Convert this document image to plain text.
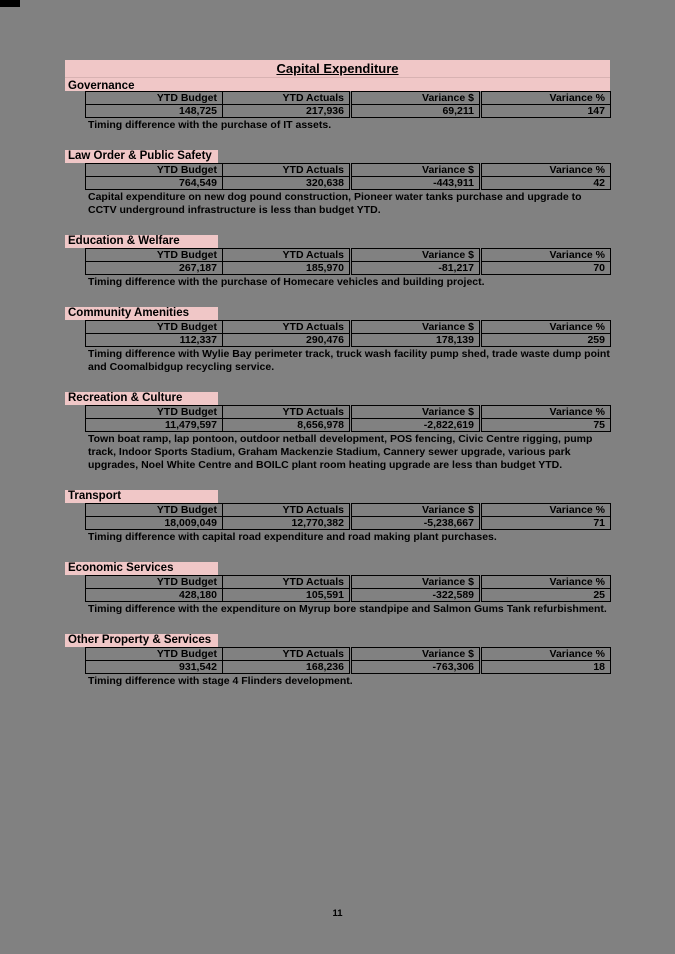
Capital Expenditure
Governance
YTD Budget	YTD Actuals	Variance $	Variance %
148,725	217,936	69,211	147
Timing difference with the purchase of IT assets.
Law Order & Public Safety
YTD Budget	YTD Actuals	Variance $	Variance %
764,549	320,638	-443,911	42
Capital expenditure on new dog pound construction, Pioneer water tanks purchase and upgrade to CCTV underground infrastructure is less than budget YTD.
Education & Welfare
YTD Budget	YTD Actuals	Variance $	Variance %
267,187	185,970	-81,217	70
Timing difference with the purchase of Homecare vehicles and building project.
Community Amenities
YTD Budget	YTD Actuals	Variance $	Variance %
112,337	290,476	178,139	259
Timing difference with Wylie Bay perimeter track, truck wash facility pump shed, trade waste dump point and Coomalbidgup recycling service.
Recreation & Culture
YTD Budget	YTD Actuals	Variance $	Variance %
11,479,597	8,656,978	-2,822,619	75
Town boat ramp, lap pontoon, outdoor netball development, POS fencing, Civic Centre rigging, pump track, Indoor Sports Stadium, Graham Mackenzie Stadium, Cannery sewer upgrade, various park upgrades, Noel White Centre and BOILC plant room heating upgrade are less than budget YTD.
Transport
YTD Budget	YTD Actuals	Variance $	Variance %
18,009,049	12,770,382	-5,238,667	71
Timing difference with capital road expenditure and road making plant purchases.
Economic Services
YTD Budget	YTD Actuals	Variance $	Variance %
428,180	105,591	-322,589	25
Timing difference with the expenditure on Myrup bore standpipe and Salmon Gums Tank refurbishment.
Other Property & Services
YTD Budget	YTD Actuals	Variance $	Variance %
931,542	168,236	-763,306	18
Timing difference with stage 4 Flinders development.
11
